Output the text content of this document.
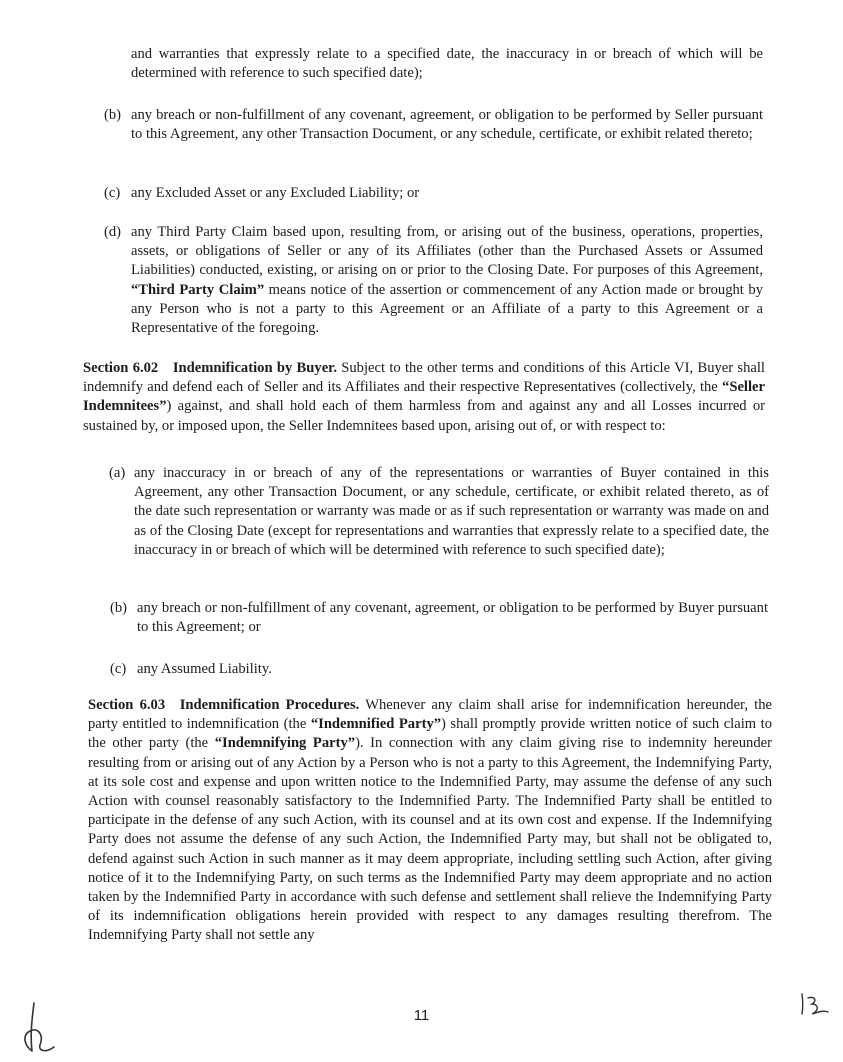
and warranties that expressly relate to a specified date, the inaccuracy in or breach of which will be determined with reference to such specified date);
(b) any breach or non-fulfillment of any covenant, agreement, or obligation to be performed by Seller pursuant to this Agreement, any other Transaction Document, or any schedule, certificate, or exhibit related thereto;
(c) any Excluded Asset or any Excluded Liability; or
(d) any Third Party Claim based upon, resulting from, or arising out of the business, operations, properties, assets, or obligations of Seller or any of its Affiliates (other than the Purchased Assets or Assumed Liabilities) conducted, existing, or arising on or prior to the Closing Date. For purposes of this Agreement, “Third Party Claim” means notice of the assertion or commencement of any Action made or brought by any Person who is not a party to this Agreement or an Affiliate of a party to this Agreement or a Representative of the foregoing.
Section 6.02 Indemnification by Buyer. Subject to the other terms and conditions of this Article VI, Buyer shall indemnify and defend each of Seller and its Affiliates and their respective Representatives (collectively, the “Seller Indemnitees”) against, and shall hold each of them harmless from and against any and all Losses incurred or sustained by, or imposed upon, the Seller Indemnitees based upon, arising out of, or with respect to:
(a) any inaccuracy in or breach of any of the representations or warranties of Buyer contained in this Agreement, any other Transaction Document, or any schedule, certificate, or exhibit related thereto, as of the date such representation or warranty was made or as if such representation or warranty was made on and as of the Closing Date (except for representations and warranties that expressly relate to a specified date, the inaccuracy in or breach of which will be determined with reference to such specified date);
(b) any breach or non-fulfillment of any covenant, agreement, or obligation to be performed by Buyer pursuant to this Agreement; or
(c) any Assumed Liability.
Section 6.03 Indemnification Procedures. Whenever any claim shall arise for indemnification hereunder, the party entitled to indemnification (the “Indemnified Party”) shall promptly provide written notice of such claim to the other party (the “Indemnifying Party”). In connection with any claim giving rise to indemnity hereunder resulting from or arising out of any Action by a Person who is not a party to this Agreement, the Indemnifying Party, at its sole cost and expense and upon written notice to the Indemnified Party, may assume the defense of any such Action with counsel reasonably satisfactory to the Indemnified Party. The Indemnified Party shall be entitled to participate in the defense of any such Action, with its counsel and at its own cost and expense. If the Indemnifying Party does not assume the defense of any such Action, the Indemnified Party may, but shall not be obligated to, defend against such Action in such manner as it may deem appropriate, including settling such Action, after giving notice of it to the Indemnifying Party, on such terms as the Indemnified Party may deem appropriate and no action taken by the Indemnified Party in accordance with such defense and settlement shall relieve the Indemnifying Party of its indemnification obligations herein provided with respect to any damages resulting therefrom. The Indemnifying Party shall not settle any
11
